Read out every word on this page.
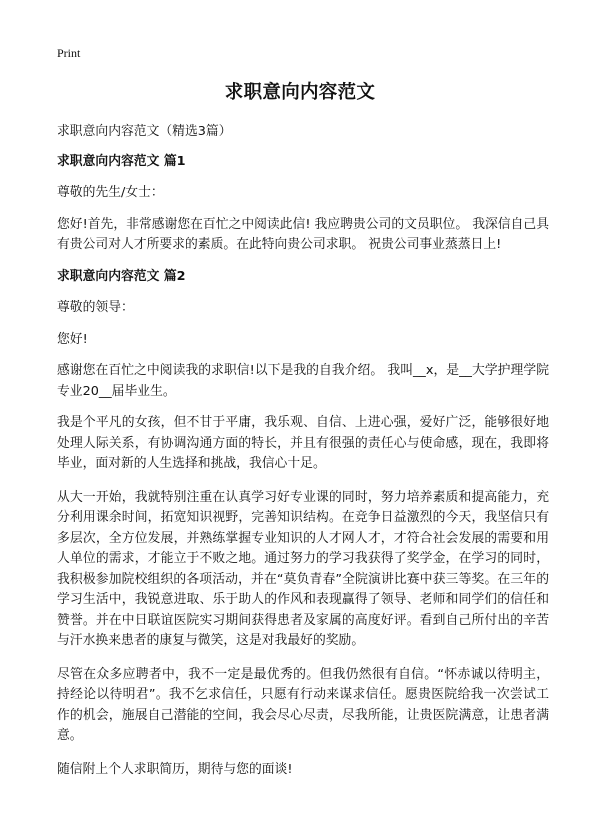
Print
求职意向内容范文

求职意向内容范文（精选3篇）

求职意向内容范文 篇1

尊敬的先生/女士：

您好!首先，非常感谢您在百忙之中阅读此信! 我应聘贵公司的文员职位。 我深信自己具有贵公司对人才所要求的素质。在此特向贵公司求职。 祝贵公司事业蒸蒸日上!

求职意向内容范文 篇2

尊敬的领导：

您好!

感谢您在百忙之中阅读我的求职信!以下是我的自我介绍。 我叫__x，是__大学护理学院专业20__届毕业生。

我是个平凡的女孩，但不甘于平庸，我乐观、自信、上进心强，爱好广泛，能够很好地处理人际关系，有协调沟通方面的特长，并且有很强的责任心与使命感，现在，我即将毕业，面对新的人生选择和挑战，我信心十足。

从大一开始，我就特别注重在认真学习好专业课的同时，努力培养素质和提高能力，充分利用课余时间，拓宽知识视野，完善知识结构。在竞争日益激烈的今天，我坚信只有多层次，全方位发展，并熟练掌握专业知识的人才网人才，才符合社会发展的需要和用人单位的需求，才能立于不败之地。通过努力的学习我获得了奖学金，在学习的同时，我积极参加院校组织的各项活动，并在“莫负青春”全院演讲比赛中获三等奖。在三年的学习生活中，我锐意进取、乐于助人的作风和表现赢得了领导、老师和同学们的信任和赞誉。并在中日联谊医院实习期间获得患者及家属的高度好评。看到自己所付出的辛苦与汗水换来患者的康复与微笑，这是对我最好的奖励。

尽管在众多应聘者中，我不一定是最优秀的。但我仍然很有自信。“怀赤诚以待明主，持经论以待明君”。我不乞求信任，只愿有行动来谋求信任。愿贵医院给我一次尝试工作的机会，施展自己潜能的空间，我会尽心尽责，尽我所能，让贵医院满意，让患者满意。

随信附上个人求职简历，期待与您的面谈!
